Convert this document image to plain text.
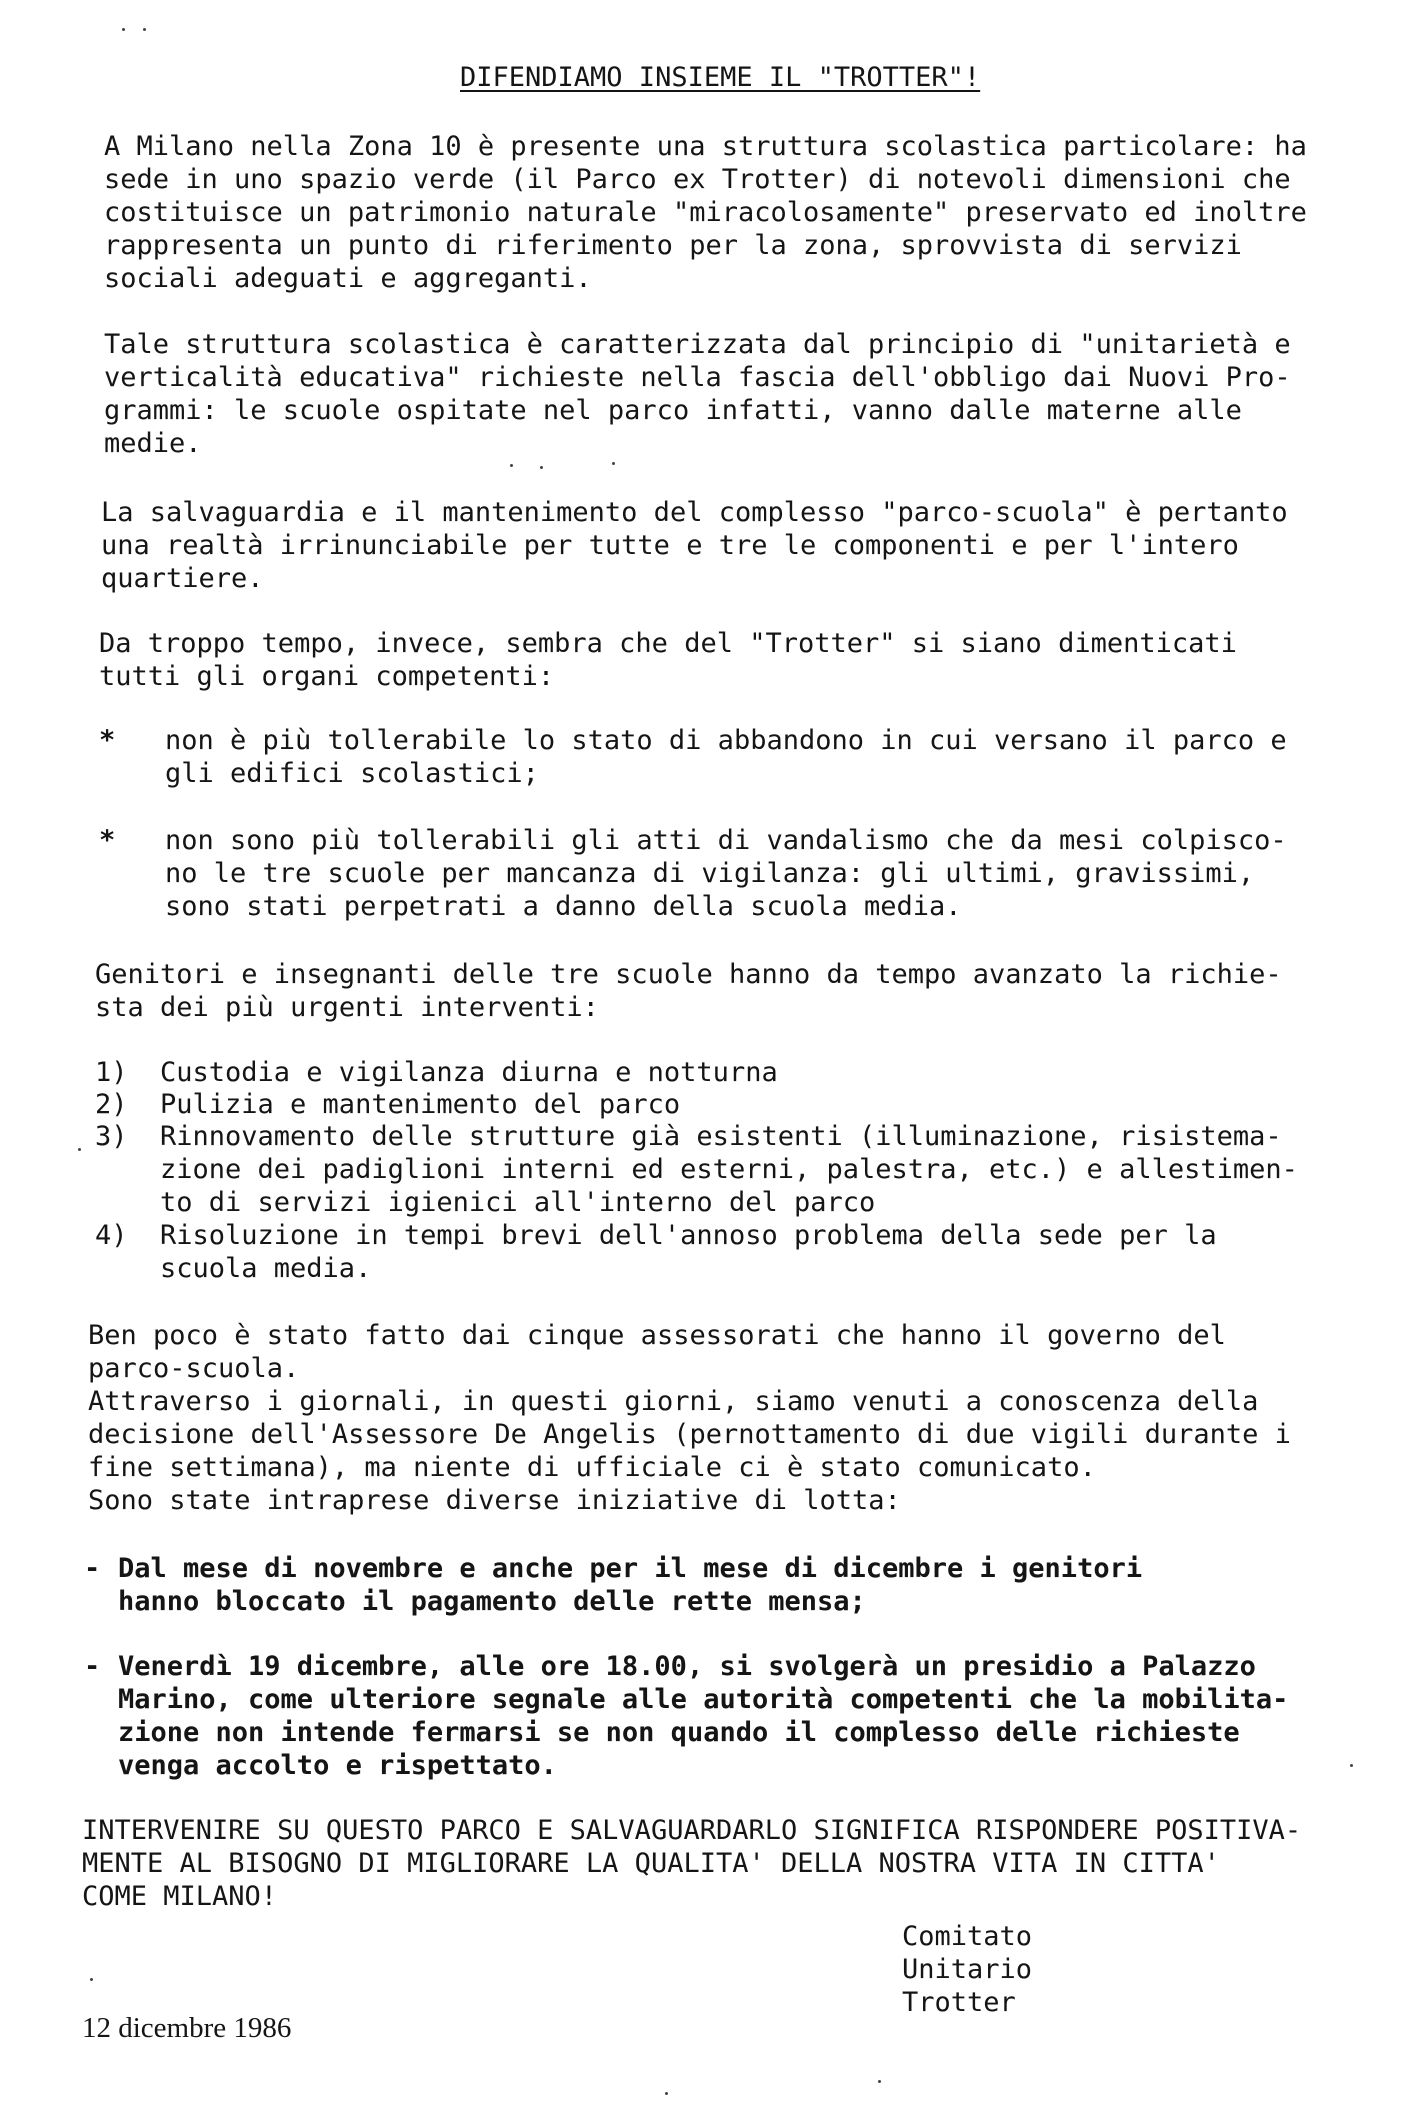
DIFENDIAMO INSIEME IL "TROTTER"!
A Milano nella Zona 10 è presente una struttura scolastica particolare: ha
sede in uno spazio verde (il Parco ex Trotter) di notevoli dimensioni che
costituisce un patrimonio naturale "miracolosamente" preservato ed inoltre
rappresenta un punto di riferimento per la zona, sprovvista di servizi
sociali adeguati e aggreganti.
Tale struttura scolastica è caratterizzata dal principio di "unitarietà e
verticalità educativa" richieste nella fascia dell'obbligo dai Nuovi Pro-
grammi: le scuole ospitate nel parco infatti, vanno dalle materne alle
medie.
La salvaguardia e il mantenimento del complesso "parco-scuola" è pertanto
una realtà irrinunciabile per tutte e tre le componenti e per l'intero
quartiere.
Da troppo tempo, invece, sembra che del "Trotter" si siano dimenticati
tutti gli organi competenti:
* non è più tollerabile lo stato di abbandono in cui versano il parco e
gli edifici scolastici;
* non sono più tollerabili gli atti di vandalismo che da mesi colpisco-
no le tre scuole per mancanza di vigilanza: gli ultimi, gravissimi,
sono stati perpetrati a danno della scuola media.
Genitori e insegnanti delle tre scuole hanno da tempo avanzato la richie-
sta dei più urgenti interventi:
1) Custodia e vigilanza diurna e notturna
2) Pulizia e mantenimento del parco
3) Rinnovamento delle strutture già esistenti (illuminazione, risistema-
zione dei padiglioni interni ed esterni, palestra, etc.) e allestimen-
to di servizi igienici all'interno del parco
4) Risoluzione in tempi brevi dell'annoso problema della sede per la
scuola media.
Ben poco è stato fatto dai cinque assessorati che hanno il governo del
parco-scuola.
Attraverso i giornali, in questi giorni, siamo venuti a conoscenza della
decisione dell'Assessore De Angelis (pernottamento di due vigili durante i
fine settimana), ma niente di ufficiale ci è stato comunicato.
Sono state intraprese diverse iniziative di lotta:
- Dal mese di novembre e anche per il mese di dicembre i genitori
hanno bloccato il pagamento delle rette mensa;
- Venerdì 19 dicembre, alle ore 18.00, si svolgerà un presidio a Palazzo
Marino, come ulteriore segnale alle autorità competenti che la mobilita-
zione non intende fermarsi se non quando il complesso delle richieste
venga accolto e rispettato.
INTERVENIRE SU QUESTO PARCO E SALVAGUARDARLO SIGNIFICA RISPONDERE POSITIVA-
MENTE AL BISOGNO DI MIGLIORARE LA QUALITA' DELLA NOSTRA VITA IN CITTA'
COME MILANO!
Comitato
Unitario
Trotter
12 dicembre 1986
